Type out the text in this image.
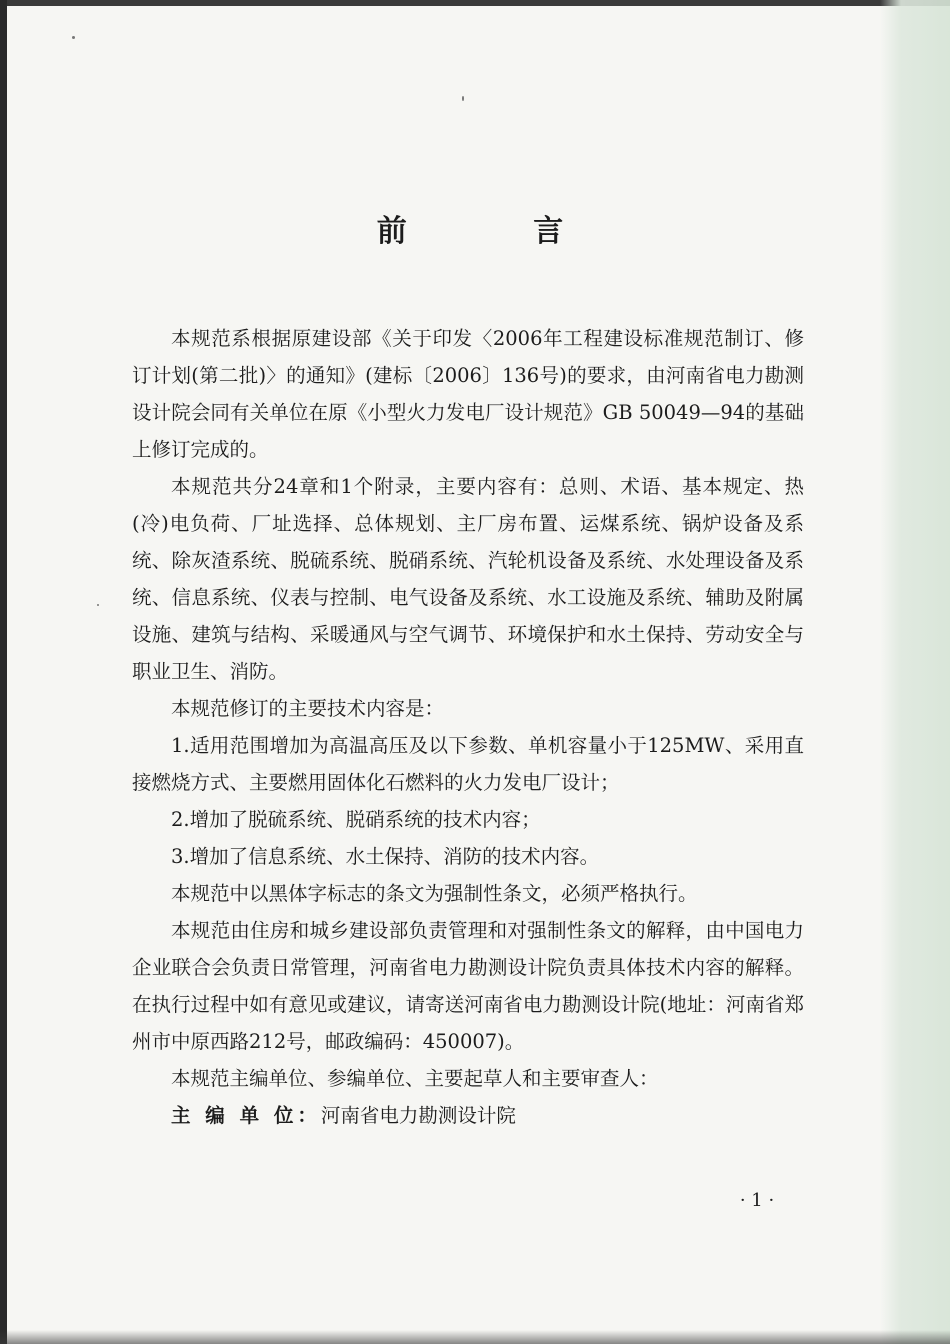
前 言

本规范系根据原建设部《关于印发〈2006年工程建设标准规范制订、修订计划(第二批)〉的通知》(建标〔2006〕136号)的要求，由河南省电力勘测设计院会同有关单位在原《小型火力发电厂设计规范》GB 50049—94的基础上修订完成的。

本规范共分24章和1个附录，主要内容有：总则、术语、基本规定、热(冷)电负荷、厂址选择、总体规划、主厂房布置、运煤系统、锅炉设备及系统、除灰渣系统、脱硫系统、脱硝系统、汽轮机设备及系统、水处理设备及系统、信息系统、仪表与控制、电气设备及系统、水工设施及系统、辅助及附属设施、建筑与结构、采暖通风与空气调节、环境保护和水土保持、劳动安全与职业卫生、消防。

本规范修订的主要技术内容是：

1.适用范围增加为高温高压及以下参数、单机容量小于125MW、采用直接燃烧方式、主要燃用固体化石燃料的火力发电厂设计；

2.增加了脱硫系统、脱硝系统的技术内容；

3.增加了信息系统、水土保持、消防的技术内容。

本规范中以黑体字标志的条文为强制性条文，必须严格执行。

本规范由住房和城乡建设部负责管理和对强制性条文的解释，由中国电力企业联合会负责日常管理，河南省电力勘测设计院负责具体技术内容的解释。在执行过程中如有意见或建议，请寄送河南省电力勘测设计院(地址：河南省郑州市中原西路212号，邮政编码：450007)。

本规范主编单位、参编单位、主要起草人和主要审查人：

主 编 单 位：河南省电力勘测设计院

· 1 ·
